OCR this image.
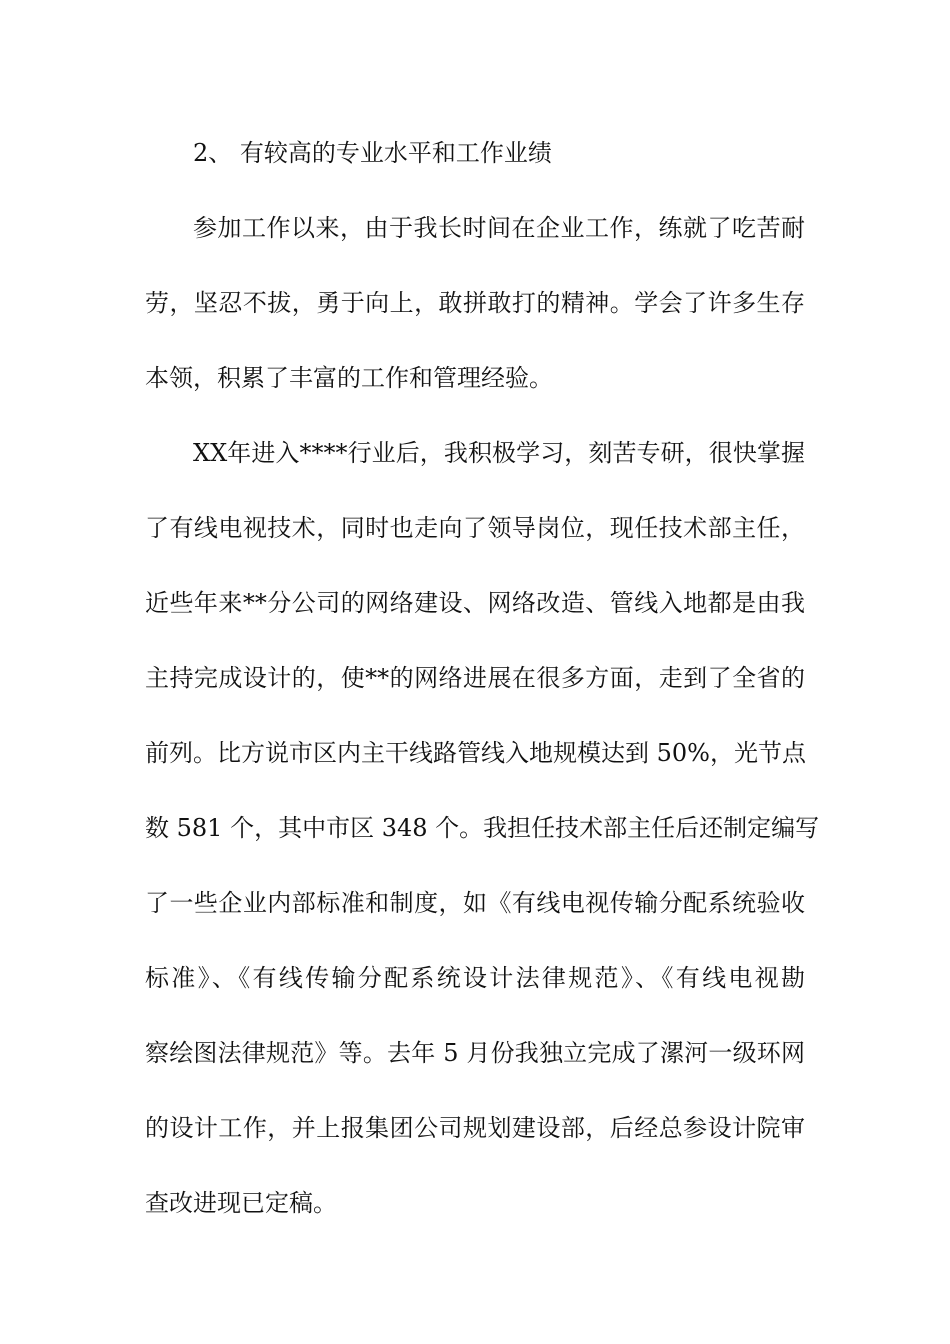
2、 有较高的专业水平和工作业绩
参加工作以来，由于我长时间在企业工作，练就了吃苦耐
劳，坚忍不拔，勇于向上，敢拼敢打的精神。学会了许多生存
本领，积累了丰富的工作和管理经验。
XX年进入****行业后，我积极学习，刻苦专研，很快掌握
了有线电视技术，同时也走向了领导岗位，现任技术部主任，
近些年来**分公司的网络建设、网络改造、管线入地都是由我
主持完成设计的，使**的网络进展在很多方面，走到了全省的
前列。比方说市区内主干线路管线入地规模达到 50%，光节点
数 581 个，其中市区 348 个。我担任技术部主任后还制定编写
了一些企业内部标准和制度，如《有线电视传输分配系统验收
标准》、《有线传输分配系统设计法律规范》、《有线电视勘
察绘图法律规范》等。去年 5 月份我独立完成了漯河一级环网
的设计工作，并上报集团公司规划建设部，后经总参设计院审
查改进现已定稿。
